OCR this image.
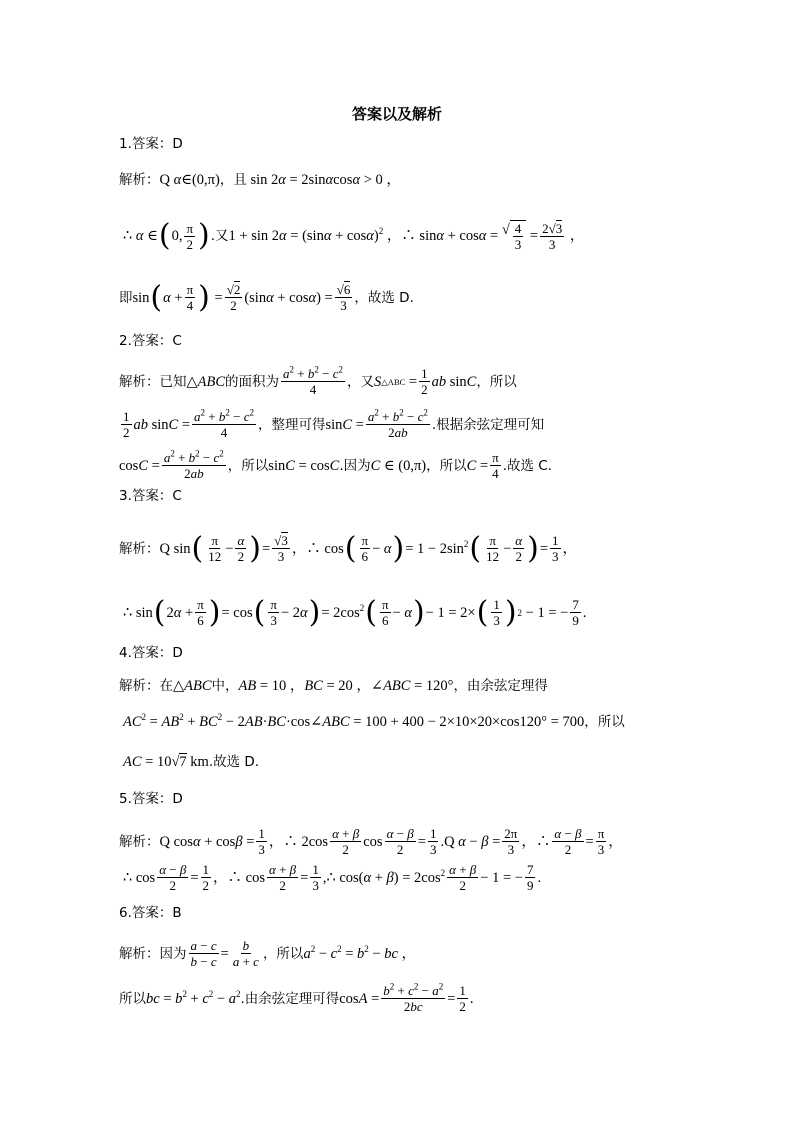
答案以及解析
1.答案：D
解析： Q α∈(0,π) ，且 sin 2α = 2sinαcosα > 0 ，
∴ α ∈ ( 0, $\frac{\pi}{2}$ ) .又 $1 + \sin 2\alpha = (\sin\alpha + \cos\alpha)^2$ ，∴ sinα + cosα = √ $\frac{4}{3} = \frac{2√3}{3}$ ，
即 sin ( $\alpha + \frac{\pi}{4}$ ) = $\frac{√2}{2} (\sin\alpha + \cos\alpha) = \frac{√6}{3}$ ，故选 D.
2.答案：C
解析： 已知 △ABC 的面积为 $\frac{a^2 + b^2 - c^2}{4}$ ，又 S △ABC = $\frac{1}{2}$ ab sinC ，所以
$\frac{1}{2}$ ab $\sin C = \frac{a^2 + b^2 - c^2}{4}$ ，整理可得 $\sin C = \frac{a^2 + b^2 - c^2}{2ab}$ .根据余弦定理可知
$\cos C = \frac{a^2 + b^2 - c^2}{2ab}$ ，所以 sinC = cosC .因为 C ∈ (0,π) ，所以 $C = \frac{\pi}{4}$ .故选 C.
3.答案：C
解析： Q sin ( $\frac{\pi}{12} - \frac{\alpha}{2}$ ) = $\frac{√3}{3}$ ，∴ cos ( $\frac{\pi}{6} - \alpha$ ) = $1 - 2\sin^2$ ( $\frac{\pi}{12} - \frac{\alpha}{2}$ ) = $\frac{1}{3}$ ，
∴ sin ( $2\alpha + \frac{\pi}{6}$ ) = cos ( $\frac{\pi}{3} - 2\alpha$ ) = $2\cos^2$ ( $\frac{\pi}{6} - \alpha$ ) − 1 = 2× ( $\frac{1}{3}$ ) 2 − 1 = − $\frac{7}{9}$ .
4.答案：D
解析： 在 △ABC 中， AB = 10 ，BC = 20 ，∠ABC = 120° ，由余弦定理得
$AC^2 = AB^2 + BC^2$ − 2AB·BC·cos∠ABC = 100 + 400 − 2×10×20×cos120° = 700 ，所以
AC = 10√7 km .故选 D.
5.答案：D
解析： Q $\cos\alpha + \cos\beta = \frac{1}{3}$ ，∴ $2\cos \frac{\alpha + \beta}{2}$ $\cos \frac{\alpha - \beta}{2} = \frac{1}{3} .Q$ $\alpha - \beta = \frac{2\pi}{3}$ ，∴ $\frac{\alpha - \beta}{2} = \frac{\pi}{3}$ ，
∴ $\cos \frac{\alpha - \beta}{2} = \frac{1}{2}$ ，∴ $\cos \frac{\alpha + \beta}{2} = \frac{1}{3}$ ,∴ $\cos(\alpha + \beta) = 2\cos^2 \frac{\alpha + \beta}{2} - 1$ = − $\frac{7}{9}$ .
6.答案：B
解析： 因为 $\frac{a - c}{b - c} = \frac{b}{a + c}$ ，所以 $a^2 - c^2 = b^2$ − bc ，
所以 bc = $b^2 + c^2 - a^2$ .由余弦定理可得 $\cos A = \frac{b^2 + c^2 - a^2}{2bc} = \frac{1}{2}$ .
